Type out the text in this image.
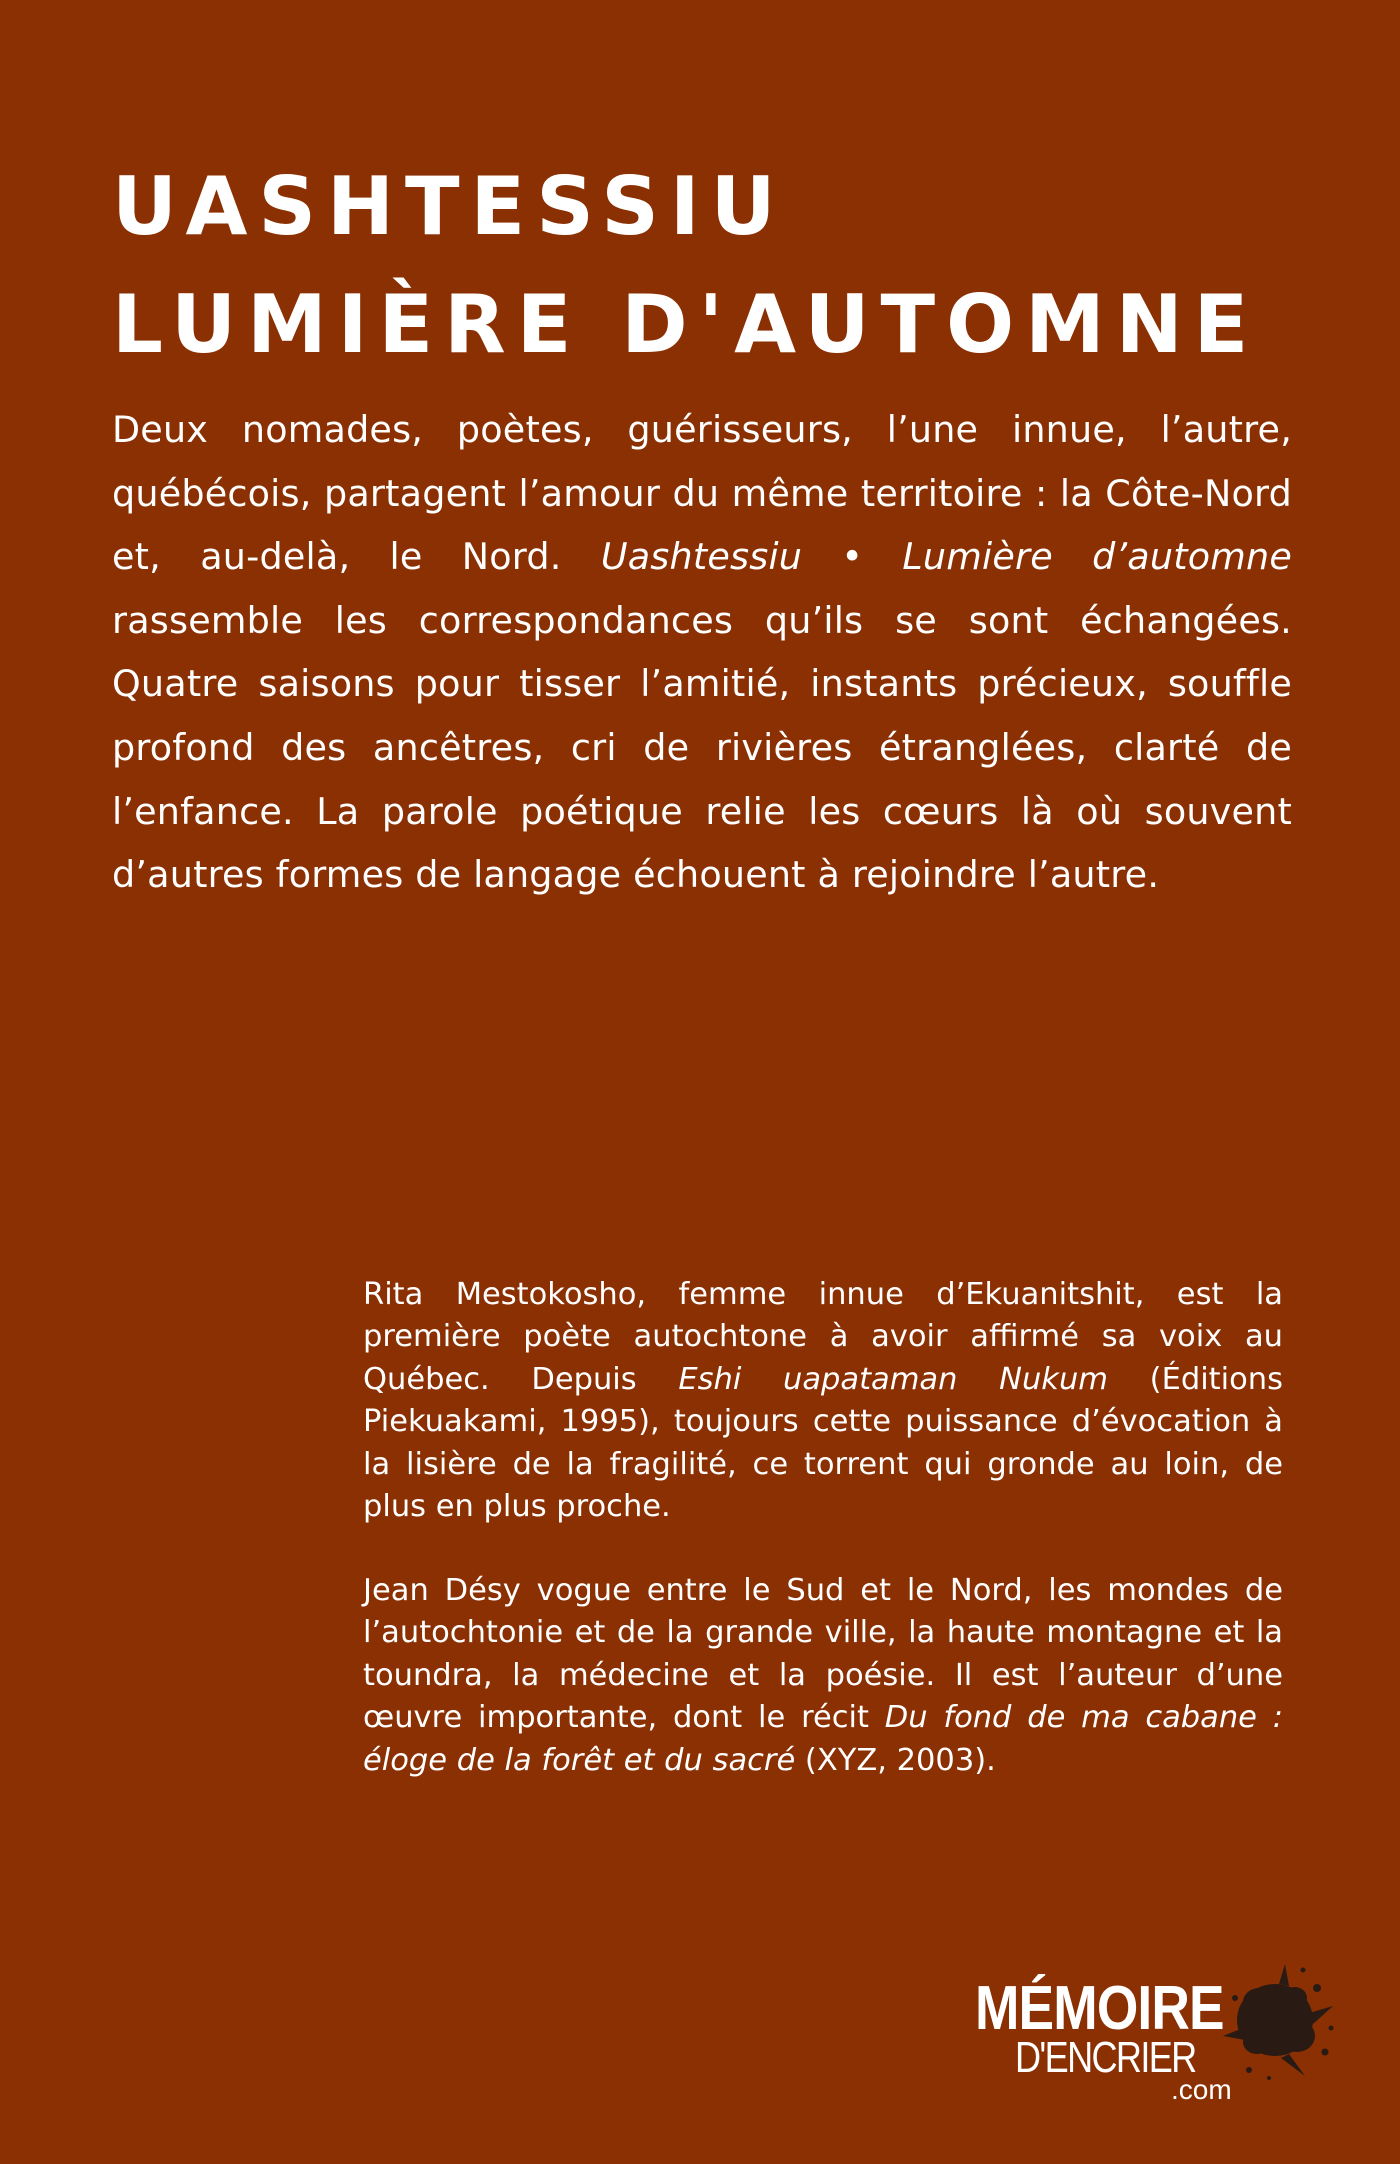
UASHTESSIU
LUMIÈRE D'AUTOMNE

Deux nomades, poètes, guérisseurs, l’une innue, l’autre, québécois, partagent l’amour du même territoire : la Côte-Nord et, au-delà, le Nord. Uashtessiu • Lumière d’automne rassemble les correspondances qu’ils se sont échangées. Quatre saisons pour tisser l’amitié, instants précieux, souffle profond des ancêtres, cri de rivières étranglées, clarté de l’enfance. La parole poétique relie les cœurs là où souvent d’autres formes de langage échouent à rejoindre l’autre.

Rita Mestokosho, femme innue d’Ekuanitshit, est la première poète autochtone à avoir affirmé sa voix au Québec. Depuis Eshi uapataman Nukum (Éditions Piekuakami, 1995), toujours cette puissance d’évocation à la lisière de la fragilité, ce torrent qui gronde au loin, de plus en plus proche.

Jean Désy vogue entre le Sud et le Nord, les mondes de l’autochtonie et de la grande ville, la haute montagne et la toundra, la médecine et la poésie. Il est l’auteur d’une œuvre importante, dont le récit Du fond de ma cabane : éloge de la forêt et du sacré (XYZ, 2003).

MÉMOIRE
D'ENCRIER
.com
